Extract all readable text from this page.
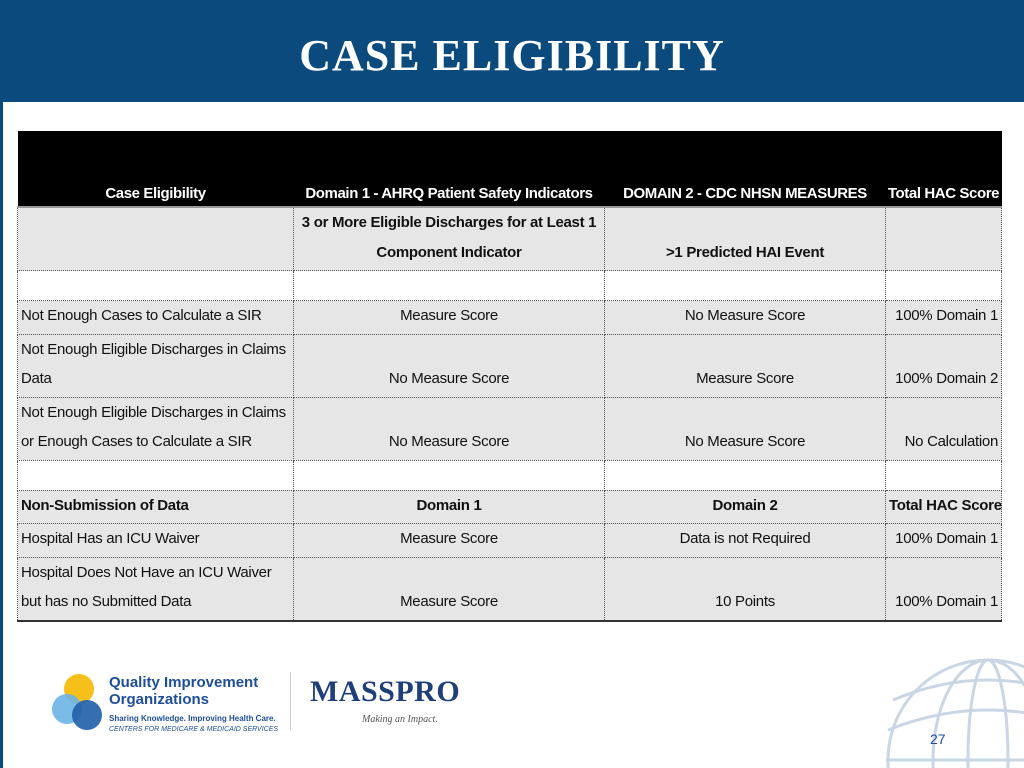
CASE ELIGIBILITY
Case Eligibility	Domain 1 - AHRQ Patient Safety Indicators	DOMAIN 2 - CDC NHSN MEASURES	Total HAC Score
	3 or More Eligible Discharges for at Least 1 Component Indicator	>1 Predicted HAI Event	

Not Enough Cases to Calculate a SIR	Measure Score	No Measure Score	100% Domain 1
Not Enough Eligible Discharges in Claims Data	No Measure Score	Measure Score	100% Domain 2
Not Enough Eligible Discharges in Claims or Enough Cases to Calculate a SIR	No Measure Score	No Measure Score	No Calculation

Non-Submission of Data	Domain 1	Domain 2	Total HAC Score
Hospital Has an ICU Waiver	Measure Score	Data is not Required	100% Domain 1
Hospital Does Not Have an ICU Waiver but has no Submitted Data	Measure Score	10 Points	100% Domain 1
Quality Improvement
Organizations
Sharing Knowledge. Improving Health Care.
CENTERS FOR MEDICARE & MEDICAID SERVICES
MASSPRO
Making an Impact.
27
